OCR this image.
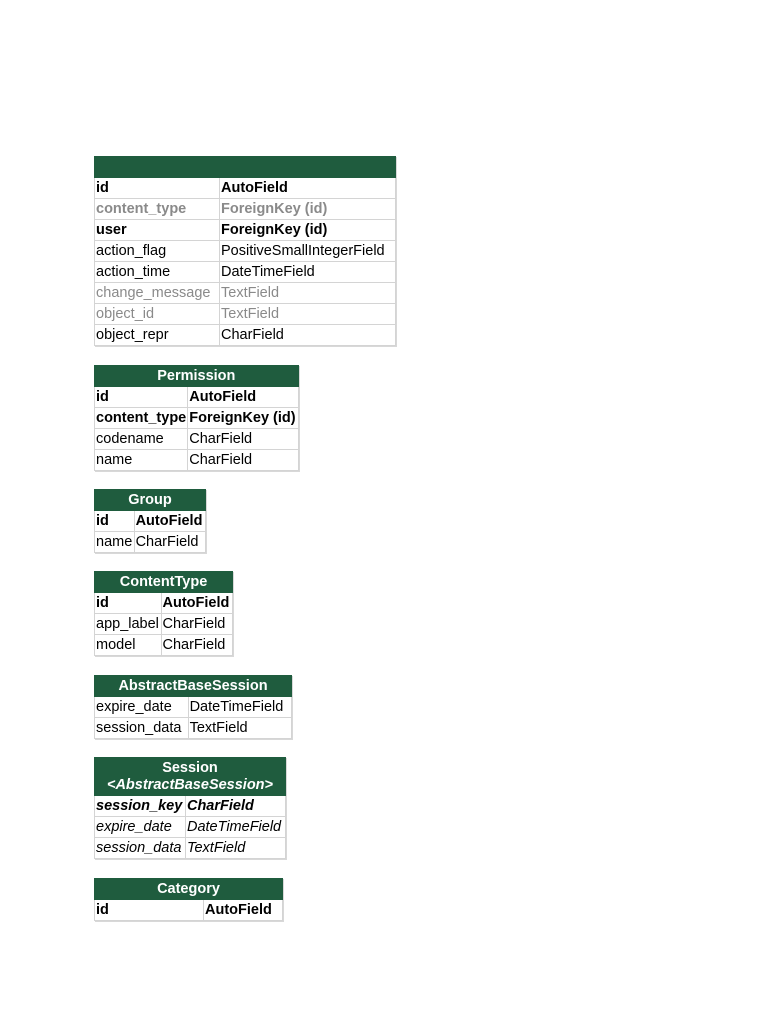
id	AutoField
content_type	ForeignKey (id)
user	ForeignKey (id)
action_flag	PositiveSmallIntegerField
action_time	DateTimeField
change_message	TextField
object_id	TextField
object_repr	CharField
Permission	
id	AutoField
content_type	ForeignKey (id)
codename	CharField
name	CharField
Group	
id	AutoField
name	CharField
ContentType	
id	AutoField
app_label	CharField
model	CharField
AbstractBaseSession	
expire_date	DateTimeField
session_data	TextField
Session
<AbstractBaseSession>	

session_key	CharField
expire_date	DateTimeField
session_data	TextField
Category
id	AutoField
